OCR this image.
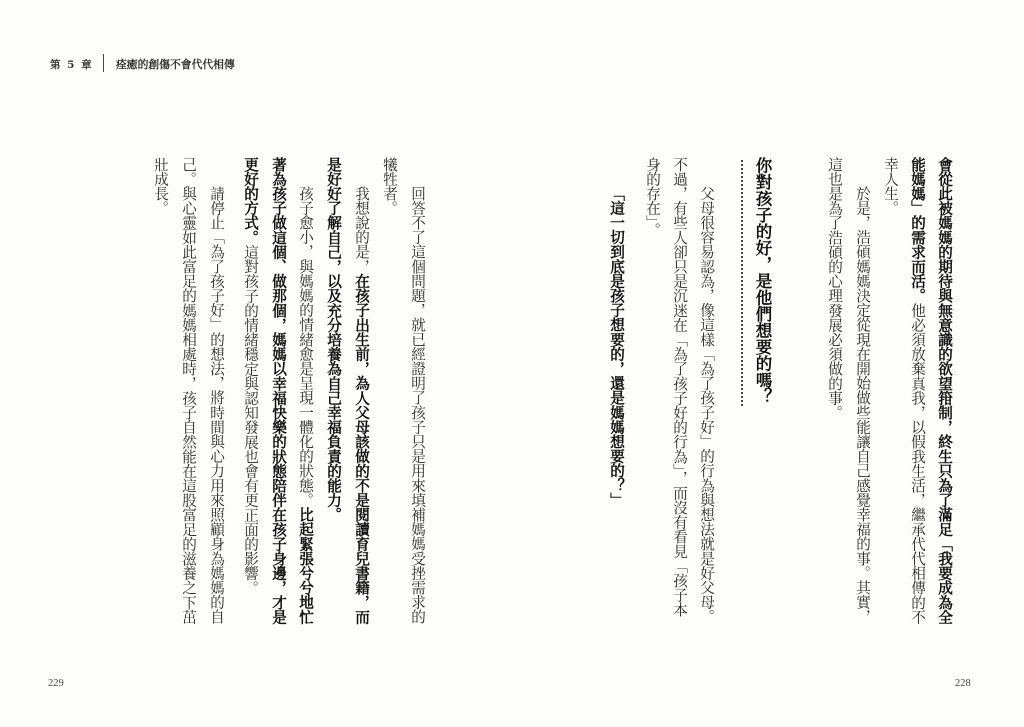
第 5 章 痊癒的創傷不會代代相傳
會從此被媽媽的期待與無意識的欲望箝制，終生只為了滿足「我要成為全
能媽媽」的需求而活。他必須放棄真我，以假我生活，繼承代代相傳的不
幸人生。
於是，浩碩媽媽決定從現在開始做些能讓自己感覺幸福的事。其實，
這也是為了浩碩的心理發展必須做的事。
你對孩子的好，是他們想要的嗎？
父母很容易認為，像這樣「為了孩子好」的行為與想法就是好父母。
不過，有些人卻只是沉迷在「為了孩子好的行為」，而沒有看見「孩子本
身的存在」。
「這一切到底是孩子想要的，還是媽媽想要的？」
228
回答不了這個問題，就已經證明了孩子只是用來填補媽媽受挫需求的
犧牲者。
我想說的是，在孩子出生前，為人父母該做的不是閱讀育兒書籍，而
是好好了解自己，以及充分培養為自己幸福負責的能力。
孩子愈小，與媽媽的情緒愈是呈現一體化的狀態。比起緊張兮兮地忙
著為孩子做這個、做那個，媽媽以幸福快樂的狀態陪伴在孩子身邊，才是
更好的方式。這對孩子的情緒穩定與認知發展也會有更正面的影響。
請停止「為了孩子好」的想法，將時間與心力用來照顧身為媽媽的自
己。與心靈如此富足的媽媽相處時，孩子自然能在這股富足的滋養之下茁
壯成長。
229
